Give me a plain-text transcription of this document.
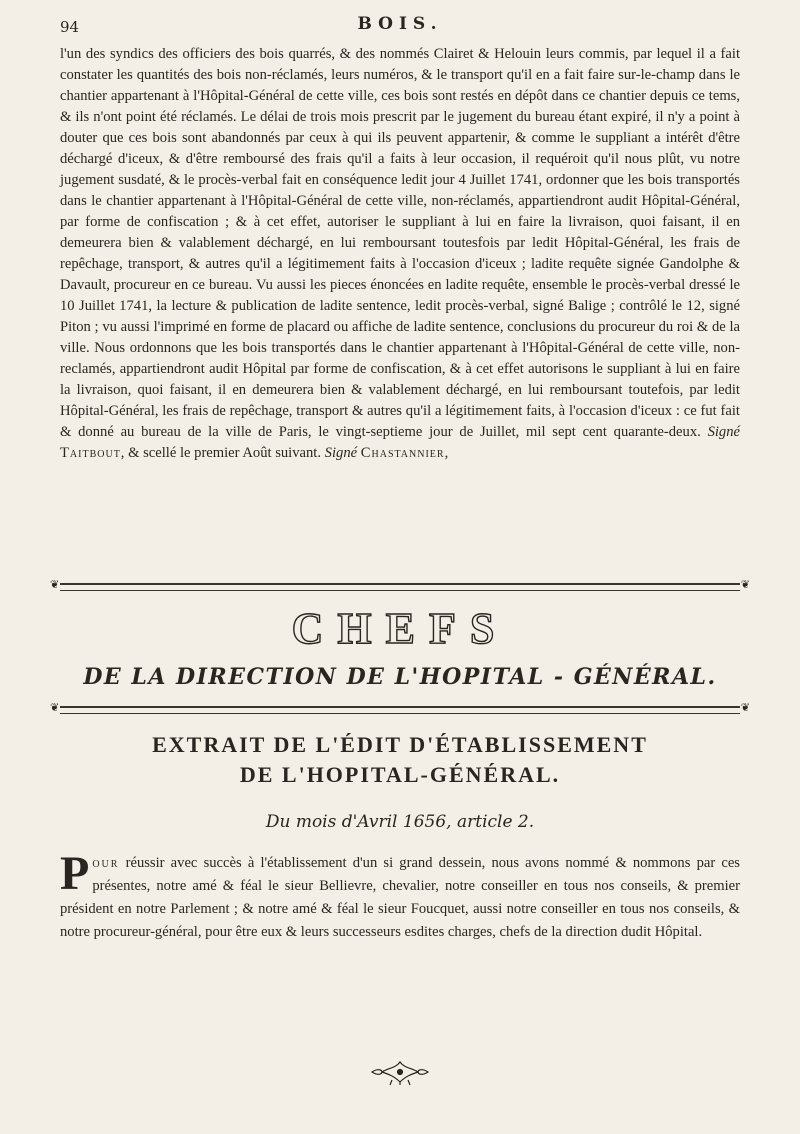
94	BOIS.
l'un des syndics des officiers des bois quarrés, & des nommés Clairet & Helouin leurs commis, par lequel il a fait constater les quantités des bois non-réclamés, leurs numéros, & le transport qu'il en a fait faire sur-le-champ dans le chantier appartenant à l'Hôpital-Général de cette ville, ces bois sont restés en dépôt dans ce chantier depuis ce tems, & ils n'ont point été réclamés. Le délai de trois mois prescrit par le jugement du bureau étant expiré, il n'y a point à douter que ces bois sont abandonnés par ceux à qui ils peuvent appartenir, & comme le suppliant a intérêt d'être déchargé d'iceux, & d'être remboursé des frais qu'il a faits à leur occasion, il requéroit qu'il nous plût, vu notre jugement susdaté, & le procès-verbal fait en conséquence ledit jour 4 Juillet 1741, ordonner que les bois transportés dans le chantier appartenant à l'Hôpital-Général de cette ville, non-réclamés, appartiendront audit Hôpital-Général, par forme de confiscation ; & à cet effet, autoriser le suppliant à lui en faire la livraison, quoi faisant, il en demeurera bien & valablement déchargé, en lui remboursant toutesfois par ledit Hôpital-Général, les frais de repêchage, transport, & autres qu'il a légitimement faits à l'occasion d'iceux ; ladite requête signée Gandolphe & Davault, procureur en ce bureau. Vu aussi les pieces énoncées en ladite requête, ensemble le procès-verbal dressé le 10 Juillet 1741, la lecture & publication de ladite sentence, ledit procès-verbal, signé Balige ; contrôlé le 12, signé Piton ; vu aussi l'imprimé en forme de placard ou affiche de ladite sentence, conclusions du procureur du roi & de la ville. Nous ordonnons que les bois transportés dans le chantier appartenant à l'Hôpital-Général de cette ville, non-reclamés, appartiendront audit Hôpital par forme de confiscation, & à cet effet autorisons le suppliant à lui en faire la livraison, quoi faisant, il en demeurera bien & valablement déchargé, en lui remboursant toutefois, par ledit Hôpital-Général, les frais de repêchage, transport & autres qu'il a légitimement faits, à l'occasion d'iceux : ce fut fait & donné au bureau de la ville de Paris, le vingt-septieme jour de Juillet, mil sept cent quarante-deux. Signé Taitbout, & scellé le premier Août suivant. Signé Chastannier,
❦	❦
CHEFS
DE LA DIRECTION DE L'HOPITAL - GÉNÉRAL.
❦	❦
EXTRAIT DE L'ÉDIT D'ÉTABLISSEMENT
DE L'HOPITAL-GÉNÉRAL.
Du mois d'Avril 1656, article 2.
Pour réussir avec succès à l'établissement d'un si grand dessein, nous avons nommé & nommons par ces présentes, notre amé & féal le sieur Bellievre, chevalier, notre conseiller en tous nos conseils, & premier président en notre Parlement ; & notre amé & féal le sieur Foucquet, aussi notre conseiller en tous nos conseils, & notre procureur-général, pour être eux & leurs successeurs esdites charges, chefs de la direction dudit Hôpital.
